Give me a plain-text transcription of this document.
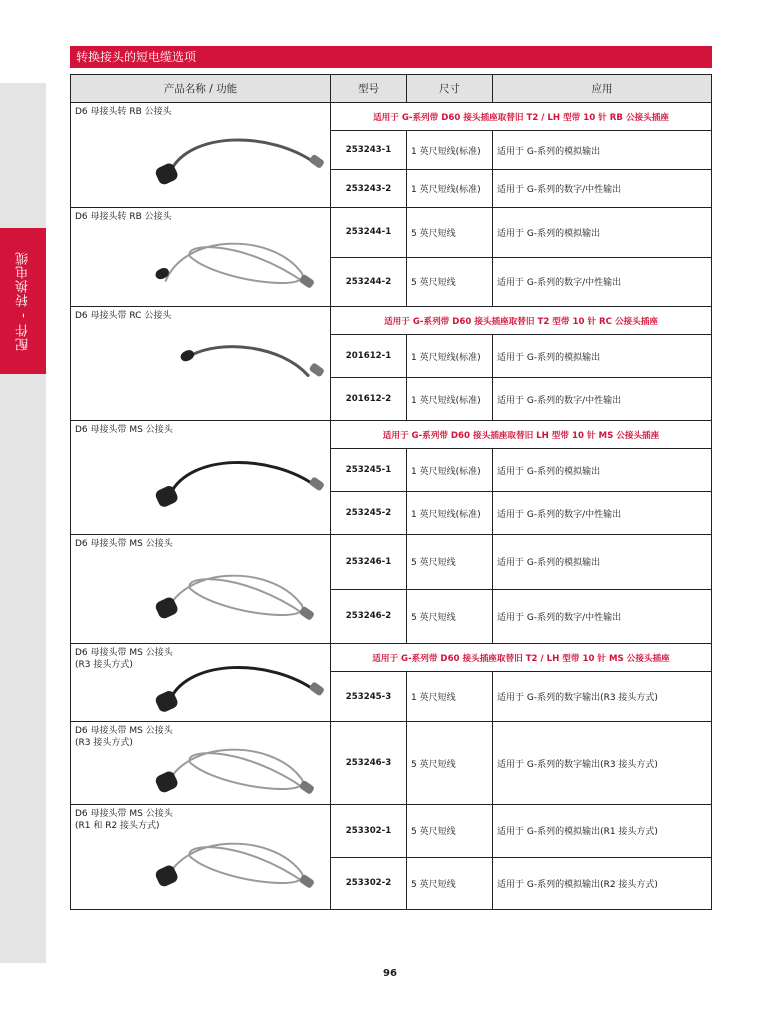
配件 - 转换电缆
转换接头的短电缆选项
产品名称 / 功能	型号	尺寸	应用

D6 母接头转 RB 公接头	适用于 G-系列带 D60 接头插座取替旧 T2 / LH 型带 10 针 RB 公接头插座		
	253243-1	1 英尺短线(标准)	适用于 G-系列的模拟输出
	253243-2	1 英尺短线(标准)	适用于 G-系列的数字/中性输出

D6 母接头转 RB 公接头	253244-1	5 英尺短线	适用于 G-系列的模拟输出
	253244-2	5 英尺短线	适用于 G-系列的数字/中性输出

D6 母接头带 RC 公接头	适用于 G-系列带 D60 接头插座取替旧 T2 型带 10 针 RC 公接头插座		
	201612-1	1 英尺短线(标准)	适用于 G-系列的模拟输出
	201612-2	1 英尺短线(标准)	适用于 G-系列的数字/中性输出

D6 母接头带 MS 公接头	适用于 G-系列带 D60 接头插座取替旧 LH 型带 10 针 MS 公接头插座		
	253245-1	1 英尺短线(标准)	适用于 G-系列的模拟输出
	253245-2	1 英尺短线(标准)	适用于 G-系列的数字/中性输出

D6 母接头带 MS 公接头	253246-1	5 英尺短线	适用于 G-系列的模拟输出
	253246-2	5 英尺短线	适用于 G-系列的数字/中性输出

D6 母接头带 MS 公接头
(R3 接头方式)	适用于 G-系列带 D60 接头插座取替旧 T2 / LH 型带 10 针 MS 公接头插座		
	253245-3	1 英尺短线	适用于 G-系列的数字输出(R3 接头方式)

D6 母接头带 MS 公接头
(R3 接头方式)	253246-3	5 英尺短线	适用于 G-系列的数字输出(R3 接头方式)

D6 母接头带 MS 公接头
(R1 和 R2 接头方式)	253302-1	5 英尺短线	适用于 G-系列的模拟输出(R1 接头方式)
	253302-2	5 英尺短线	适用于 G-系列的模拟输出(R2 接头方式)
96
